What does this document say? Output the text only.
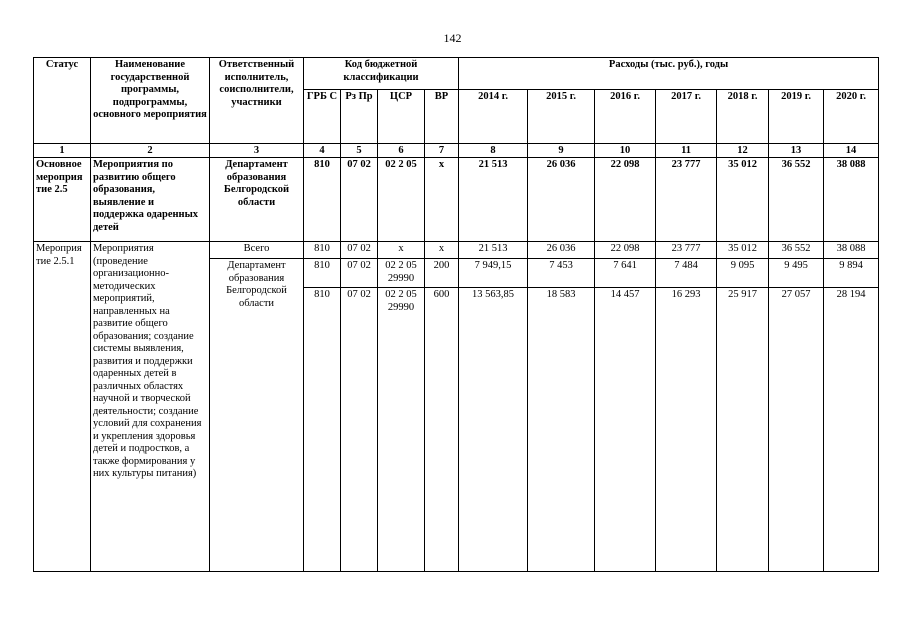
142
Статус	Наименование государственной программы, подпрограммы, основного мероприятия	Ответственный исполнитель, соисполнители, участники	Код бюджетной классификации				Расходы (тыс. руб.), годы						
			ГРБ С	Рз Пр	ЦСР	ВР	2014 г.	2015 г.	2016 г.	2017 г.	2018 г.	2019 г.	2020 г.
1	2	3	4	5	6	7	8	9	10	11	12	13	14
Основное мероприя тие 2.5	Мероприятия по развитию общего образования, выявление и поддержка одаренных детей	Департамент образования Белгородской области	810	07 02	02 2 05	х	21 513	26 036	22 098	23 777	35 012	36 552	38 088
Мероприя тие 2.5.1	Мероприятия (проведение организационно-методических мероприятий, направленных на развитие общего образования; создание системы выявления, развития и поддержки одаренных детей в различных областях научной и творческой деятельности; создание условий для сохранения и укрепления здоровья детей и подростков, а также формирования у них культуры питания)	Всего	810	07 02	х	х	21 513	26 036	22 098	23 777	35 012	36 552	38 088
		Департамент образования Белгородской области	810	07 02	02 2 05 29990	200	7 949,15	7 453	7 641	7 484	9 095	9 495	9 894
			810	07 02	02 2 05 29990	600	13 563,85	18 583	14 457	16 293	25 917	27 057	28 194
